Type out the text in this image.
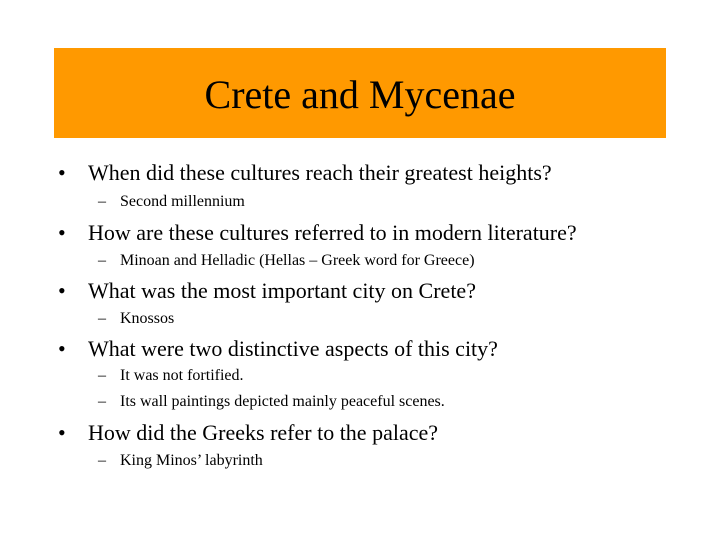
Crete and Mycenae
•	When did these cultures reach their greatest heights?
– Second millennium
•	How are these cultures referred to in modern literature?
– Minoan and Helladic (Hellas – Greek word for Greece)
•	What was the most important city on Crete?
– Knossos
•	What were two distinctive aspects of this city?
– It was not fortified.
– Its wall paintings depicted mainly peaceful scenes.
•	How did the Greeks refer to the palace?
– King Minos’ labyrinth
